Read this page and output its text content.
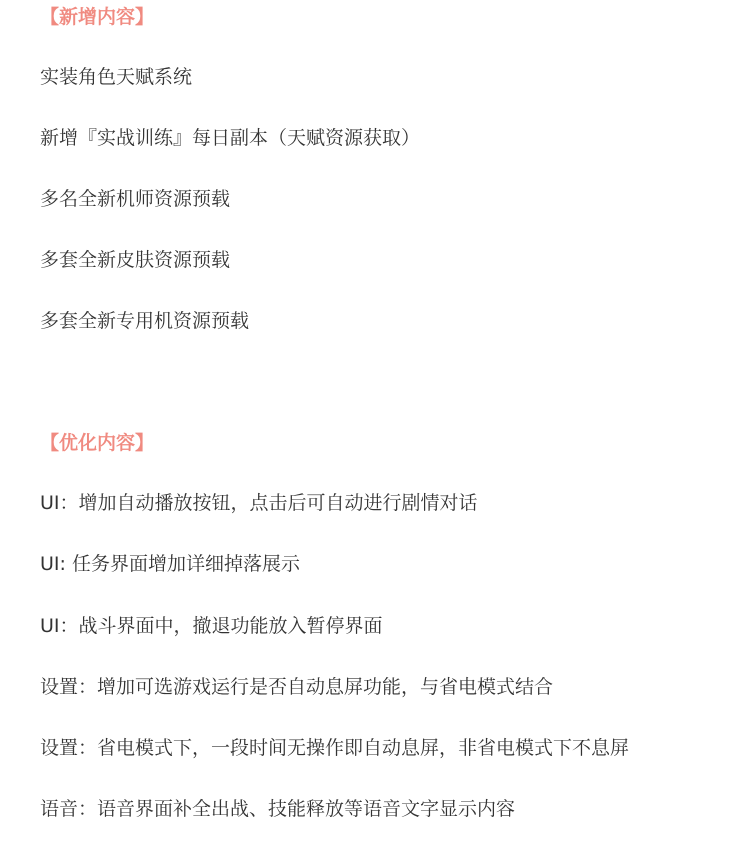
【新增内容】

实装角色天赋系统

新增『实战训练』每日副本（天赋资源获取）

多名全新机师资源预载

多套全新皮肤资源预载

多套全新专用机资源预载

【优化内容】

UI：增加自动播放按钮，点击后可自动进行剧情对话

UI: 任务界面增加详细掉落展示

UI：战斗界面中，撤退功能放入暂停界面

设置：增加可选游戏运行是否自动息屏功能，与省电模式结合

设置：省电模式下，一段时间无操作即自动息屏，非省电模式下不息屏

语音：语音界面补全出战、技能释放等语音文字显示内容
